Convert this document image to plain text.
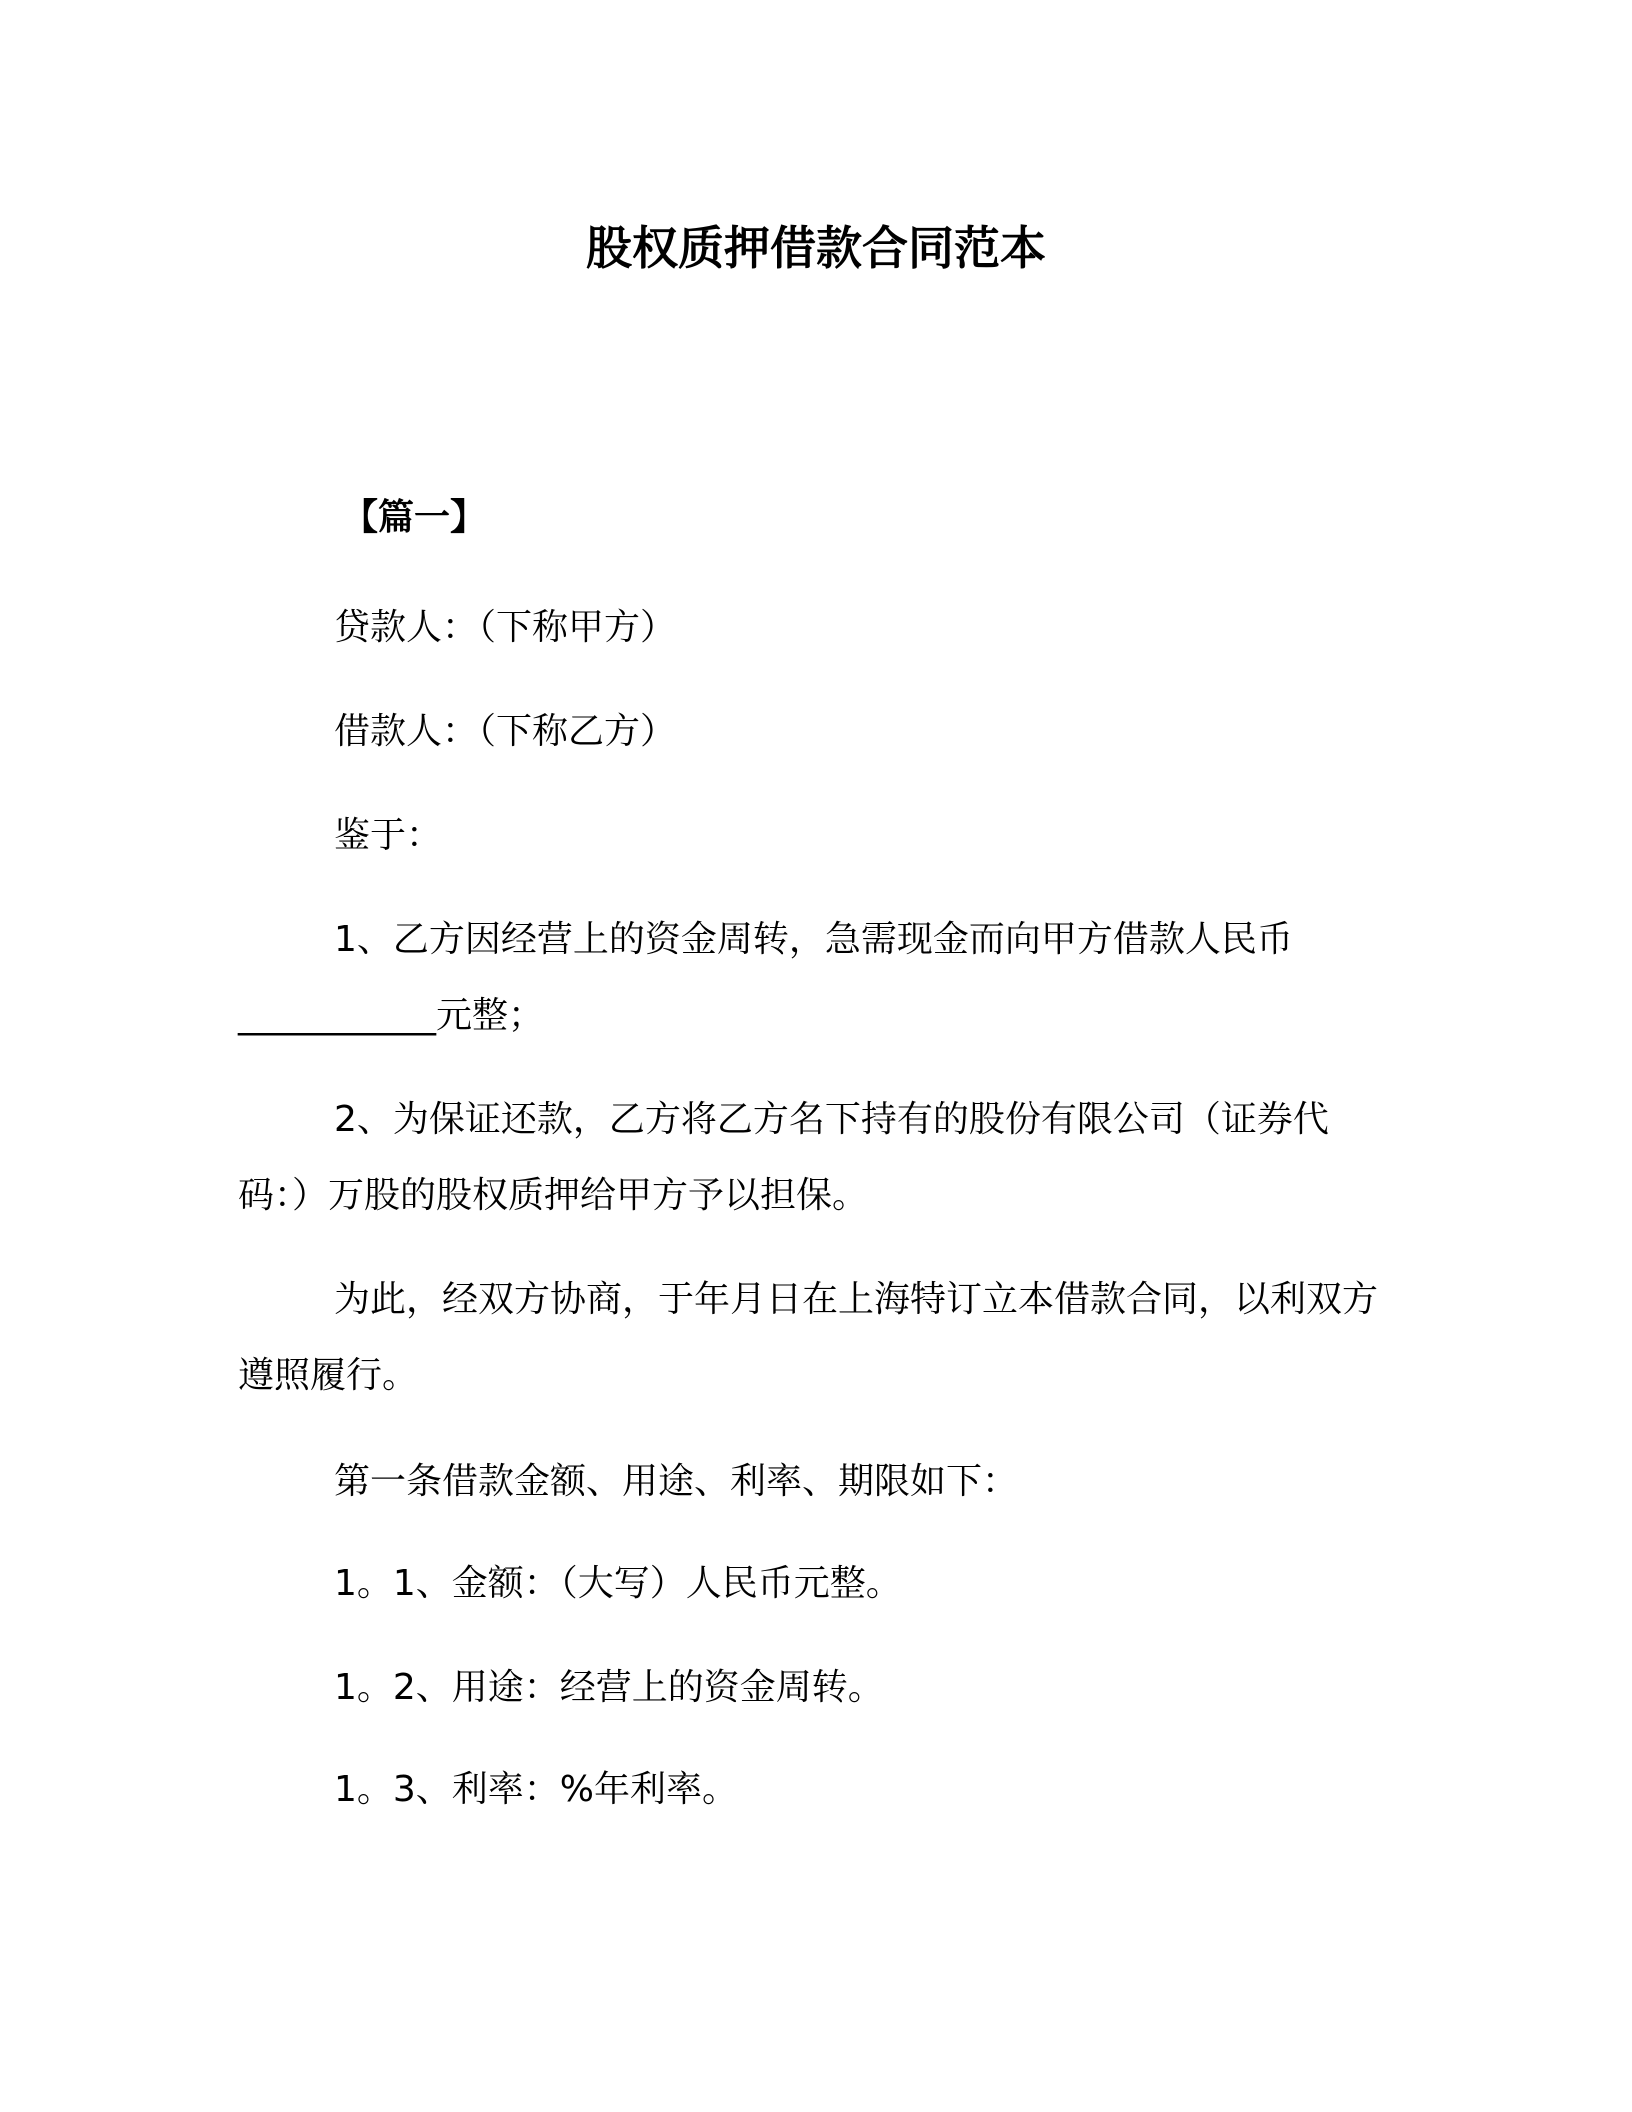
股权质押借款合同范本
【篇一】

贷款人：（下称甲方）

借款人：（下称乙方）

鉴于：

1、乙方因经营上的资金周转，急需现金而向甲方借款人民币___________元整；

2、为保证还款，乙方将乙方名下持有的股份有限公司（证券代码：）万股的股权质押给甲方予以担保。

为此，经双方协商，于年月日在上海特订立本借款合同，以利双方遵照履行。

第一条借款金额、用途、利率、期限如下：

1。1、金额：（大写）人民币元整。

1。2、用途：经营上的资金周转。

1。3、利率：%年利率。
